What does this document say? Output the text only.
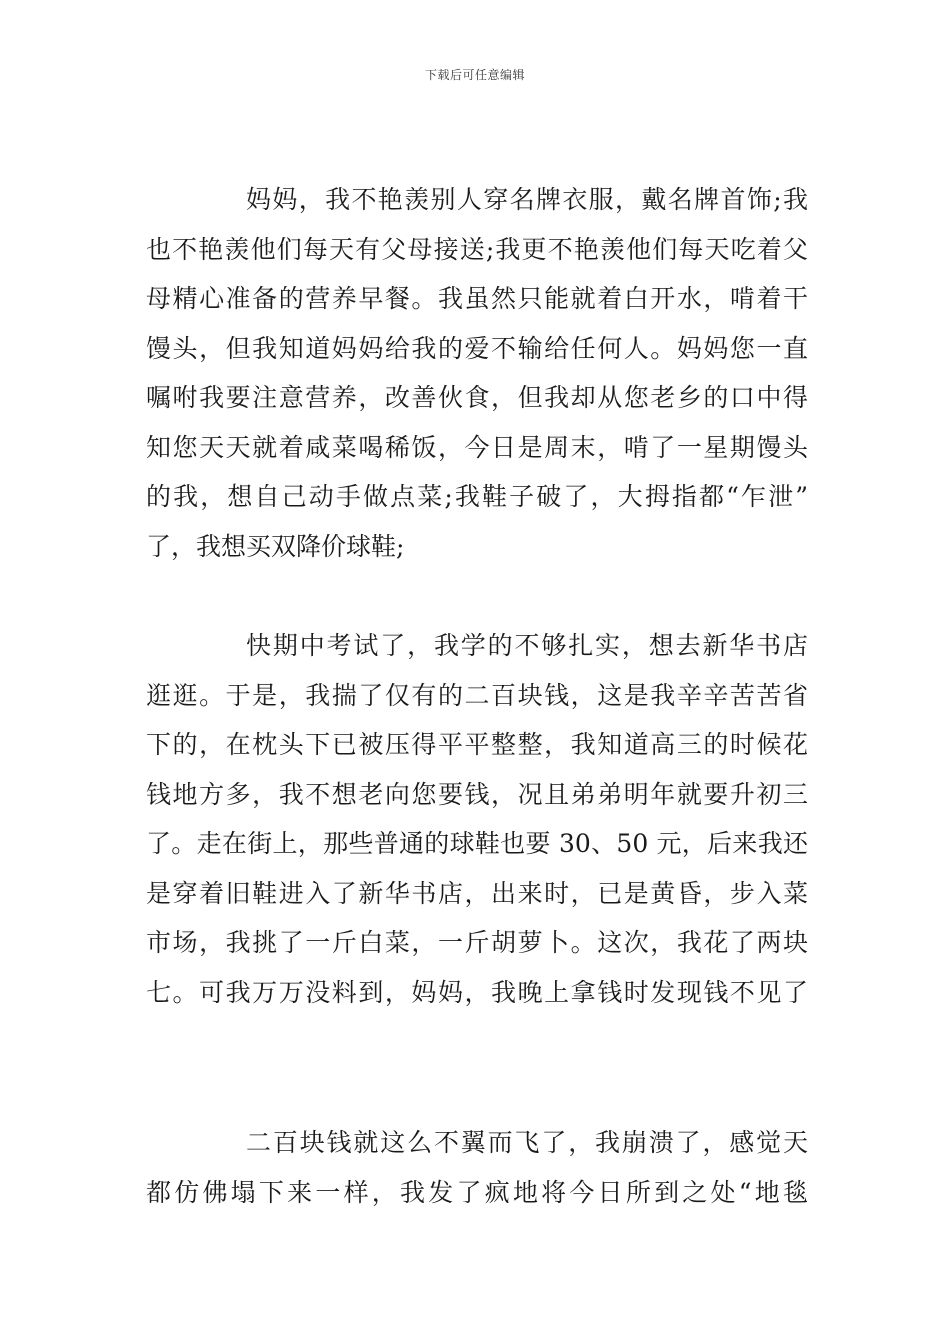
下载后可任意编辑
妈妈，我不艳羡别人穿名牌衣服，戴名牌首饰;我
也不艳羡他们每天有父母接送;我更不艳羡他们每天吃着父
母精心准备的营养早餐。我虽然只能就着白开水，啃着干
馒头，但我知道妈妈给我的爱不输给任何人。妈妈您一直
嘱咐我要注意营养，改善伙食，但我却从您老乡的口中得
知您天天就着咸菜喝稀饭，今日是周末，啃了一星期馒头
的我，想自己动手做点菜;我鞋子破了，大拇指都“乍泄”
了，我想买双降价球鞋;
快期中考试了，我学的不够扎实，想去新华书店
逛逛。于是，我揣了仅有的二百块钱，这是我辛辛苦苦省
下的，在枕头下已被压得平平整整，我知道高三的时候花
钱地方多，我不想老向您要钱，况且弟弟明年就要升初三
了。走在街上，那些普通的球鞋也要 30、50 元，后来我还
是穿着旧鞋进入了新华书店，出来时，已是黄昏，步入菜
市场，我挑了一斤白菜，一斤胡萝卜。这次，我花了两块
七。可我万万没料到，妈妈，我晚上拿钱时发现钱不见了
二百块钱就这么不翼而飞了，我崩溃了，感觉天
都仿佛塌下来一样，我发了疯地将今日所到之处“地毯
